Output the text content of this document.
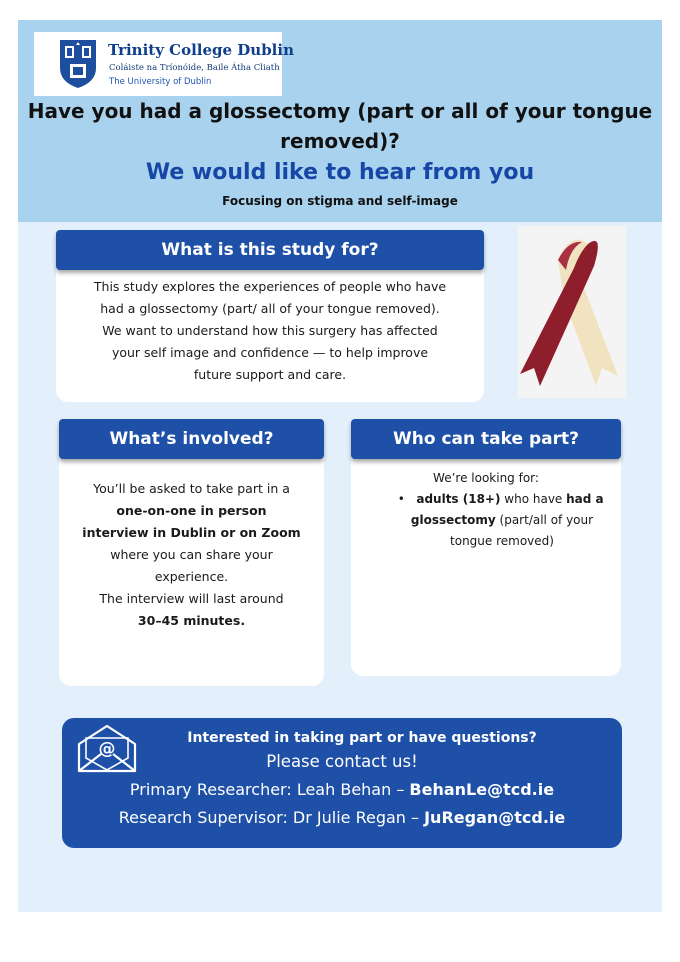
Trinity College Dublin
Coláiste na Tríonóide, Baile Átha Cliath
The University of Dublin
Have you had a glossectomy (part or all of your tongue
removed)?
We would like to hear from you
Focusing on stigma and self-image
This study explores the experiences of people who have
had a glossectomy (part/ all of your tongue removed).
We want to understand how this surgery has affected
your self image and confidence — to help improve
future support and care.
What is this study for?
You’ll be asked to take part in a
one-on-one in person
interview in Dublin or on Zoom
where you can share your
experience.
The interview will last around
30–45 minutes.
What’s involved?
We’re looking for:
• adults (18+) who have had a
glossectomy (part/all of your
tongue removed)
Who can take part?
@
Interested in taking part or have questions?
Please contact us!
Primary Researcher: Leah Behan – BehanLe@tcd.ie
Research Supervisor: Dr Julie Regan – JuRegan@tcd.ie
